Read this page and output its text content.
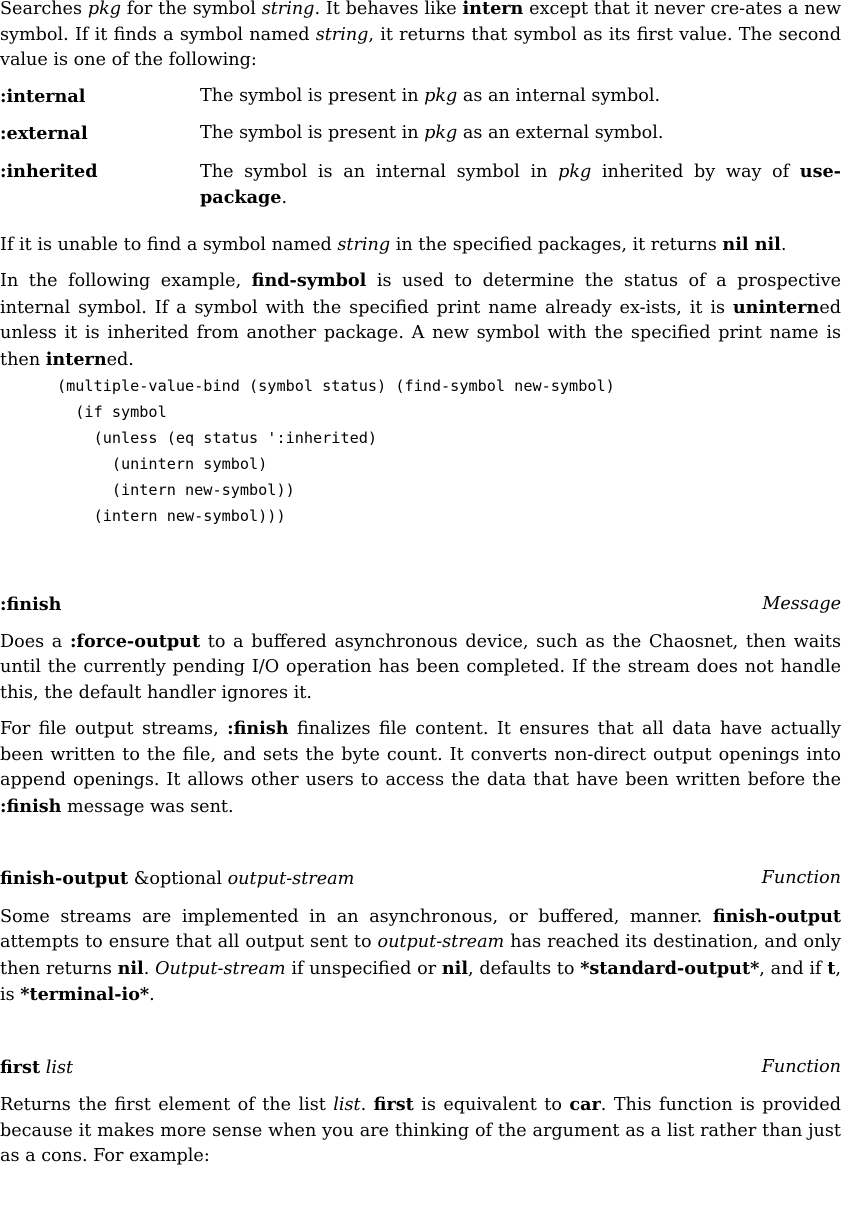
Searches pkg for the symbol string. It behaves like intern except that it never cre-ates a new symbol. If it finds a symbol named string, it returns that symbol as its first value. The second value is one of the following:

:internal	The symbol is present in pkg as an internal symbol.
:external	The symbol is present in pkg as an external symbol.
:inherited	The symbol is an internal symbol in pkg inherited by way of use-package.

If it is unable to find a symbol named string in the specified packages, it returns nil nil.

In the following example, find-symbol is used to determine the status of a prospective internal symbol. If a symbol with the specified print name already ex-ists, it is uninterned unless it is inherited from another package. A new symbol with the specified print name is then interned.

(multiple-value-bind (symbol status) (find-symbol new-symbol)
(if symbol
(unless (eq status ':inherited)
(unintern symbol)
(intern new-symbol))
(intern new-symbol)))
:finish	Message

Does a :force-output to a buffered asynchronous device, such as the Chaosnet, then waits until the currently pending I/O operation has been completed. If the stream does not handle this, the default handler ignores it.

For file output streams, :finish finalizes file content. It ensures that all data have actually been written to the file, and sets the byte count. It converts non-direct output openings into append openings. It allows other users to access the data that have been written before the :finish message was sent.

finish-output &optional output-stream	Function

Some streams are implemented in an asynchronous, or buffered, manner. finish-output attempts to ensure that all output sent to output-stream has reached its destination, and only then returns nil. Output-stream if unspecified or nil, defaults to *standard-output*, and if t, is *terminal-io*.

first list	Function

Returns the first element of the list list. first is equivalent to car. This function is provided because it makes more sense when you are thinking of the argument as a list rather than just as a cons. For example:
